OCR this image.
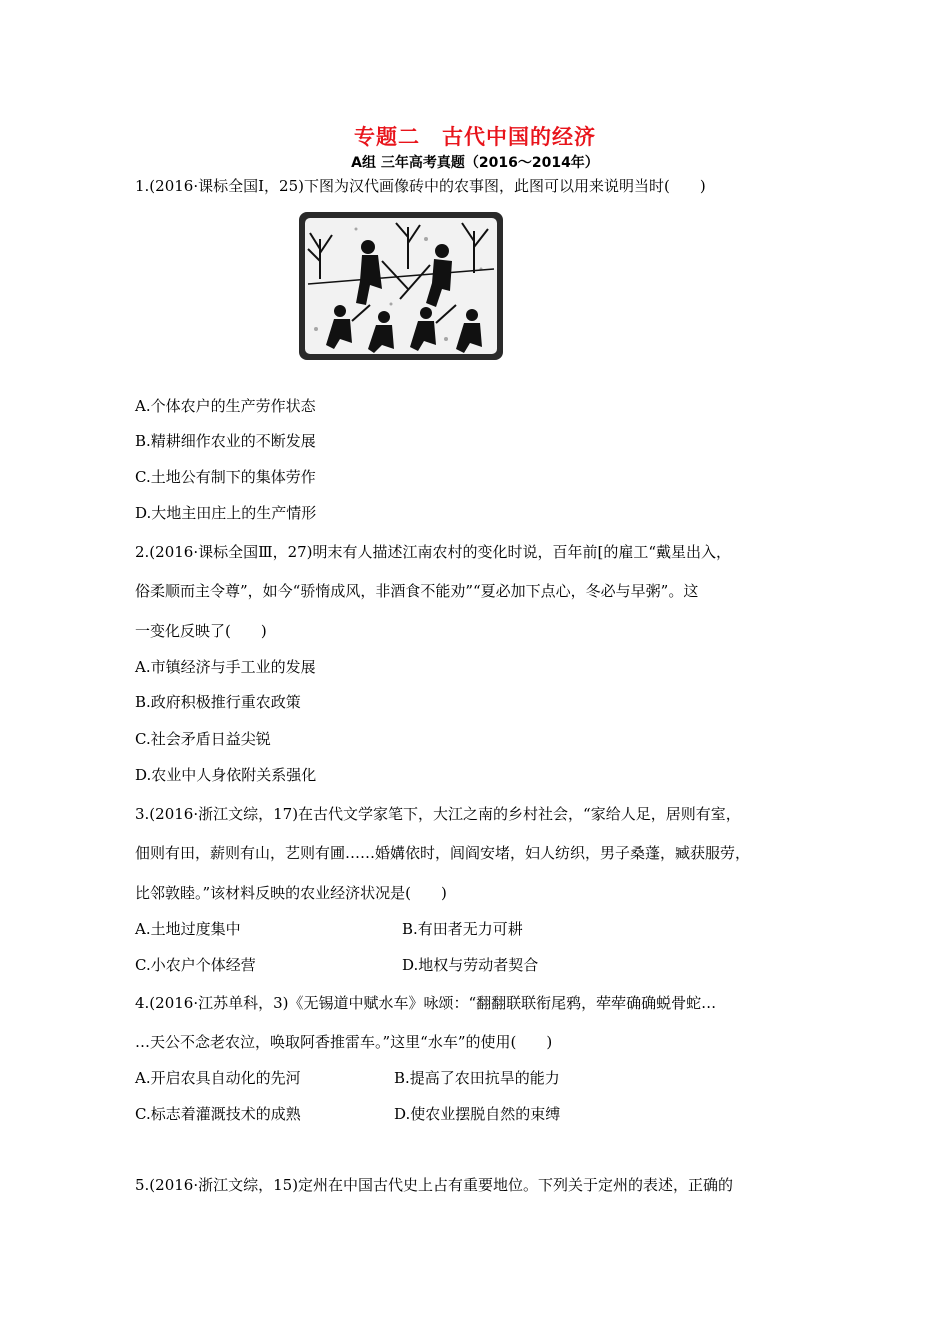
专题二　古代中国的经济
A组 三年高考真题（2016～2014年）
1.(2016·课标全国Ⅰ，25)下图为汉代画像砖中的农事图，此图可以用来说明当时(　　)
A.个体农户的生产劳作状态
B.精耕细作农业的不断发展
C.土地公有制下的集体劳作
D.大地主田庄上的生产情形
2.(2016·课标全国Ⅲ，27)明末有人描述江南农村的变化时说，百年前[的雇工“戴星出入，
俗柔顺而主令尊”，如今“骄惰成风，非酒食不能劝”“夏必加下点心，冬必与早粥”。这
一变化反映了(　　)
A.市镇经济与手工业的发展
B.政府积极推行重农政策
C.社会矛盾日益尖锐
D.农业中人身依附关系强化
3.(2016·浙江文综，17)在古代文学家笔下，大江之南的乡村社会，“家给人足，居则有室，
佃则有田，薪则有山，艺则有圃……婚媾依时，闾阎安堵，妇人纺织，男子桑蓬，臧获服劳，
比邻敦睦。”该材料反映的农业经济状况是(　　)
A.土地过度集中	B.有田者无力可耕
C.小农户个体经营	D.地权与劳动者契合
4.(2016·江苏单科，3)《无锡道中赋水车》咏颂：“翻翻联联衔尾鸦，荦荦确确蜕骨蛇…
…天公不念老农泣，唤取阿香推雷车。”这里“水车”的使用(　　)
A.开启农具自动化的先河	B.提高了农田抗旱的能力
C.标志着灌溉技术的成熟	D.使农业摆脱自然的束缚
5.(2016·浙江文综，15)定州在中国古代史上占有重要地位。下列关于定州的表述，正确的
